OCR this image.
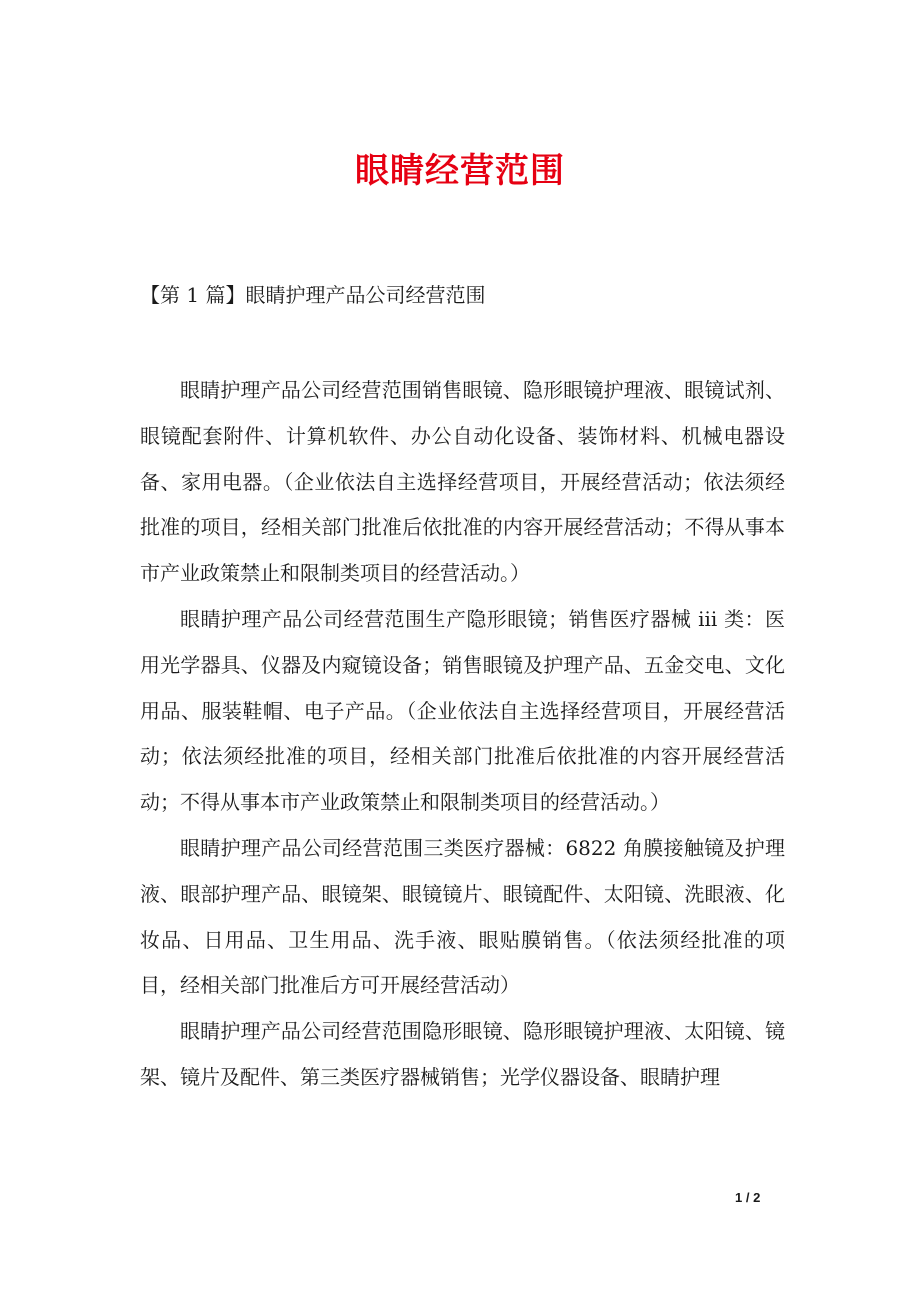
眼睛经营范围

【第 1 篇】眼睛护理产品公司经营范围

眼睛护理产品公司经营范围销售眼镜、隐形眼镜护理液、眼镜试剂、眼镜配套附件、计算机软件、办公自动化设备、装饰材料、机械电器设备、家用电器。（企业依法自主选择经营项目，开展经营活动；依法须经批准的项目，经相关部门批准后依批准的内容开展经营活动；不得从事本市产业政策禁止和限制类项目的经营活动。）

眼睛护理产品公司经营范围生产隐形眼镜；销售医疗器械 iii 类：医用光学器具、仪器及内窥镜设备；销售眼镜及护理产品、五金交电、文化用品、服装鞋帽、电子产品。（企业依法自主选择经营项目，开展经营活动；依法须经批准的项目，经相关部门批准后依批准的内容开展经营活动；不得从事本市产业政策禁止和限制类项目的经营活动。）

眼睛护理产品公司经营范围三类医疗器械：6822 角膜接触镜及护理液、眼部护理产品、眼镜架、眼镜镜片、眼镜配件、太阳镜、洗眼液、化妆品、日用品、卫生用品、洗手液、眼贴膜销售。（依法须经批准的项目，经相关部门批准后方可开展经营活动）

眼睛护理产品公司经营范围隐形眼镜、隐形眼镜护理液、太阳镜、镜架、镜片及配件、第三类医疗器械销售；光学仪器设备、眼睛护理

1 / 2
